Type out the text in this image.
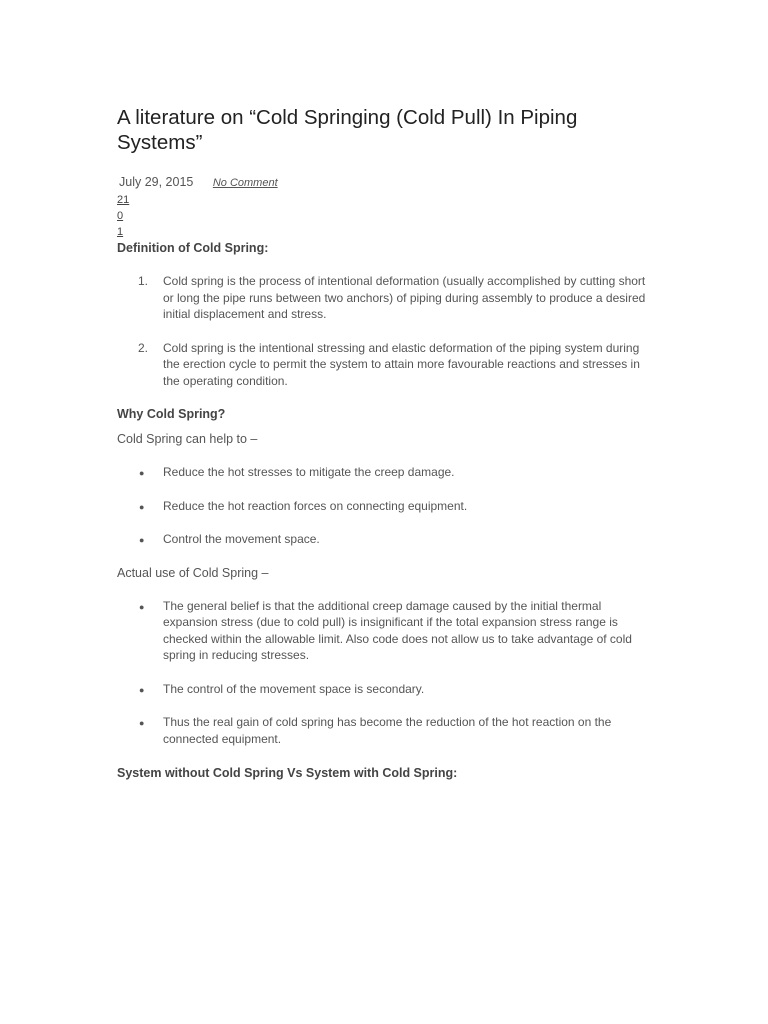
A literature on “Cold Springing (Cold Pull) In Piping Systems”
July 29, 2015 No Comment
21
0
1

Definition of Cold Spring:

1. Cold spring is the process of intentional deformation (usually accomplished by cutting short or long the pipe runs between two anchors) of piping during assembly to produce a desired initial displacement and stress.
2. Cold spring is the intentional stressing and elastic deformation of the piping system during the erection cycle to permit the system to attain more favourable reactions and stresses in the operating condition.

Why Cold Spring?

Cold Spring can help to –

● Reduce the hot stresses to mitigate the creep damage.
● Reduce the hot reaction forces on connecting equipment.
● Control the movement space.

Actual use of Cold Spring –

● The general belief is that the additional creep damage caused by the initial thermal expansion stress (due to cold pull) is insignificant if the total expansion stress range is checked within the allowable limit. Also code does not allow us to take advantage of cold spring in reducing stresses.
● The control of the movement space is secondary.
● Thus the real gain of cold spring has become the reduction of the hot reaction on the connected equipment.

System without Cold Spring Vs System with Cold Spring:
